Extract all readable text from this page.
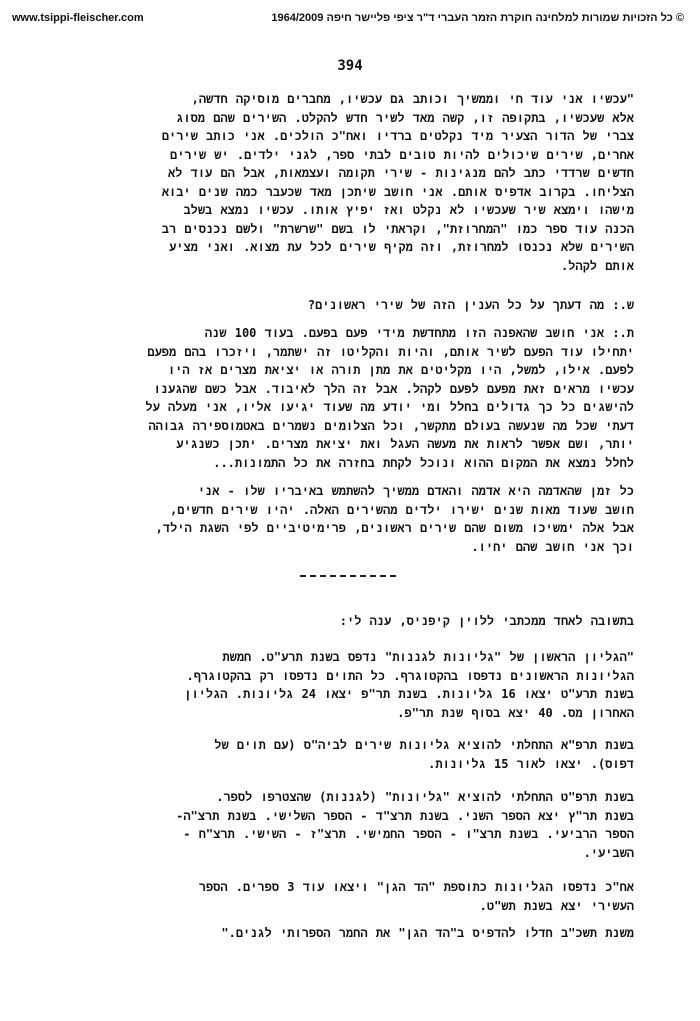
www.tsippi-fleischer.com	© כל הזכויות שמורות למלחינה חוקרת הזמר העברי ד"ר ציפי פליישר חיפה 1964/2009
394
"עכשיו אני עוד חי וממשיך וכותב גם עכשיו, מחברים מוסיקה חדשה,
אלא שעכשיו, בתקופה זו, קשה מאד לשיר חדש להקלט. השירים שהם מסוג
צברי של הדור הצעיר מיד נקלטים ברדיו ואח"כ הולכים. אני כותב שירים
אחרים, שירים שיכולים להיות טובים לבתי ספר, לגני ילדים. יש שירים
חדשים שרדדי כתב להם מנגינות - שירי תקומה ועצמאות, אבל הם עוד לא
הצליחו. בקרוב אדפיס אותם. אני חושב שיתכן מאד שכעבר כמה שנים יבוא
מישהו וימצא שיר שעכשיו לא נקלט ואז יפיץ אותו. עכשיו נמצא בשלב
הכנה עוד ספר כמו "המחרוזת", וקראתי לו בשם "שרשרת" ולשם נכנסים רב
השירים שלא נכנסו למחרוזת, וזה מקיף שירים לכל עת מצוא. ואני מציע
אותם לקהל.
ש.: מה דעתך על כל הענין הזה של שירי ראשונים?
ת.: אני חושב שהאפנה הזו מתחדשת מידי פעם בפעם. בעוד 100 שנה
יתחילו עוד הפעם לשיר אותם, והיות והקליטו זה ישתמר, ויזכרו בהם מפעם
לפעם. אילו, למשל, היו מקליטים את מתן תורה או יציאת מצרים אז היו
עכשיו מראים זאת מפעם לפעם לקהל. אבל זה הלך לאיבוד. אבל כשם שהגענו
להישגים כל כך גדולים בחלל ומי יודע מה שעוד יגיעו אליו, אני מעלה על
דעתי שכל מה שנעשה בעולם מתקשר, וכל הצלומים נשמרים באטמוספירה גבוהה
יותר, ושם אפשר לראות את מעשה העגל ואת יציאת מצרים. יתכן כשנגיע
לחלל נמצא את המקום ההוא ונוכל לקחת בחזרה את כל התמונות...
כל זמן שהאדמה היא אדמה והאדם ממשיך להשתמש באיבריו שלו - אני
חושב שעוד מאות שנים ישירו ילדים מהשירים האלה. יהיו שירים חדשים,
אבל אלה ימשיכו משום שהם שירים ראשונים, פרימיטיביים לפי השגת הילד,
וכך אני חושב שהם יחיו.
בתשובה לאחד ממכתבי ללוין קיפניס, ענה לי:
"הגליון הראשון של "גליונות לגננות" נדפס בשנת תרע"ט. חמשת
הגליונות הראשונים נדפסו בהקטוגרף. כל התוים נדפסו רק בהקטוגרף.
בשנת תרע"ט יצאו 16 גליונות. בשנת תר"פ יצאו 24 גליונות. הגליון
האחרון מס. 40 יצא בסוף שנת תר"פ.
בשנת תרפ"א התחלתי להוציא גליונות שירים לביה"ס (עם תוים של
דפוס). יצאו לאור 15 גליונות.
בשנת תרפ"ט התחלתי להוציא "גליונות" (לגננות) שהצטרפו לספר.
בשנת תר"ץ יצא הספר השני. בשנת תרצ"ד - הספר השלישי. בשנת תרצ"ה-
הספר הרביעי. בשנת תרצ"ו - הספר החמישי. תרצ"ז - השישי. תרצ"ח -
השביעי.
אח"כ נדפסו הגליונות כתוספת "הד הגן" ויצאו עוד 3 ספרים. הספר
העשירי יצא בשנת תש"ט.
משנת תשכ"ב חדלו להדפיס ב"הד הגן" את החמר הספרותי לגנים."
